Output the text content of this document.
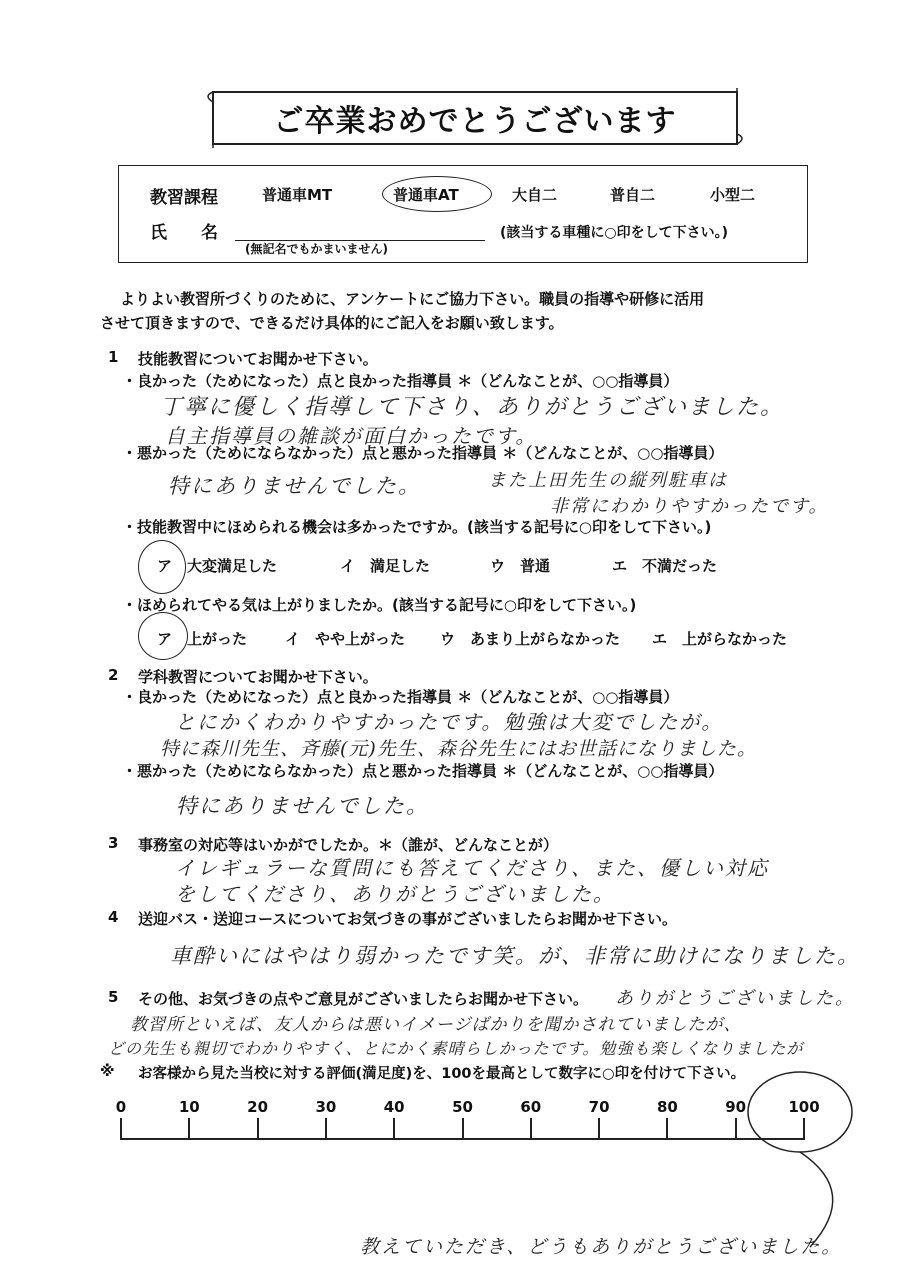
ご卒業おめでとうございます
教習課程	普通車MT	普通車AT	大自二	普自二	小型二
氏　　名
(無記名でもかまいません)
(該当する車種に○印をして下さい。)
よりよい教習所づくりのために、アンケートにご協力下さい。職員の指導や研修に活用
させて頂きますので、できるだけ具体的にご記入をお願い致します。
1 技能教習についてお聞かせ下さい。
・良かった（ためになった）点と良かった指導員 ＊（どんなことが、○○指導員）
丁寧に優しく指導して下さり、ありがとうございました。
自主指導員の雑談が面白かったです。
・悪かった（ためにならなかった）点と悪かった指導員 ＊（どんなことが、○○指導員）
特にありませんでした。	また上田先生の縦列駐車は
非常にわかりやすかったです。
・技能教習中にほめられる機会は多かったですか。(該当する記号に○印をして下さい。)
ア　大変満足した	イ　満足した	ウ　普通	エ　不満だった
・ほめられてやる気は上がりましたか。(該当する記号に○印をして下さい。)
ア　上がった	イ　やや上がった ウ　あまり上がらなかった エ　上がらなかった
2 学科教習についてお聞かせ下さい。
・良かった（ためになった）点と良かった指導員 ＊（どんなことが、○○指導員）
とにかくわかりやすかったです。勉強は大変でしたが。
特に森川先生、斉藤(元)先生、森谷先生にはお世話になりました。
・悪かった（ためにならなかった）点と悪かった指導員 ＊（どんなことが、○○指導員）
特にありませんでした。
3 事務室の対応等はいかがでしたか。＊（誰が、どんなことが）
イレギュラーな質問にも答えてくださり、また、優しい対応
をしてくださり、ありがとうございました。
4 送迎バス・送迎コースについてお気づきの事がございましたらお聞かせ下さい。
車酔いにはやはり弱かったです笑。が、非常に助けになりました。
5 その他、お気づきの点やご意見がございましたらお聞かせ下さい。 ありがとうございました。
教習所といえば、友人からは悪いイメージばかりを聞かされていましたが、
どの先生も親切でわかりやすく、とにかく素晴らしかったです。勉強も楽しくなりましたが
※ お客様から見た当校に対する評価(満足度)を、100を最高として数字に○印を付けて下さい。
0	10	20	30	40	50	60	70	80	90	100
教えていただき、どうもありがとうございました。
